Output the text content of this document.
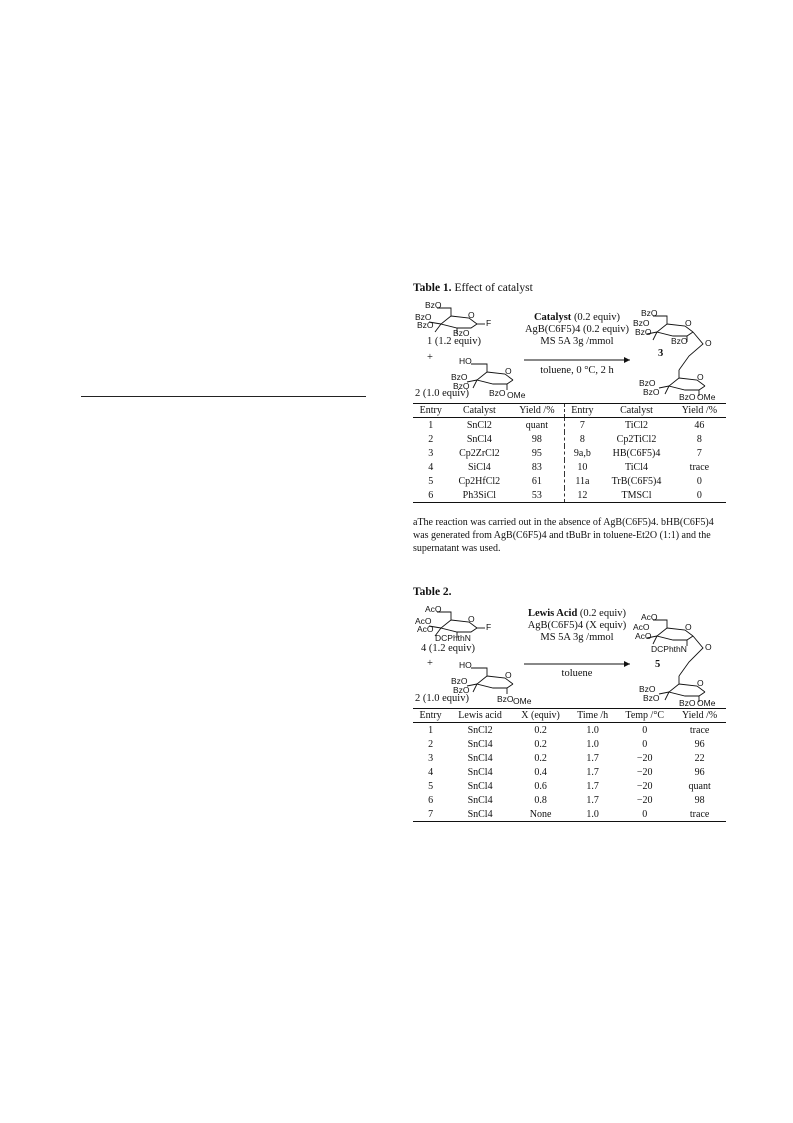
Table 1. Effect of catalyst
BzO
BzO
BzO
BzO
F
O
1 (1.2 equiv)
+	HO
BzO
BzO
BzO OMe
O
2 (1.0 equiv)
Catalyst (0.2 equiv)
AgB(C6F5)4 (0.2 equiv)
MS 5A 3g /mmol
toluene, 0 °C, 2 h
BzO
BzO
BzO
BzO
BzO
BzO BzO OMe
O
O
O
3
Entry	Catalyst	Yield /%	Entry	Catalyst	Yield /%
1	SnCl2	quant	7	TiCl2	46
2	SnCl4	98	8	Cp2TiCl2	8
3	Cp2ZrCl2	95	9a,b	HB(C6F5)4	7
4	SiCl4	83	10	TiCl4	trace
5	Cp2HfCl2	61	11a	TrB(C6F5)4	0
6	Ph3SiCl	53	12	TMSCl	0
aThe reaction was carried out in the absence of AgB(C6F5)4. bHB(C6F5)4 was generated from AgB(C6F5)4 and tBuBr in toluene-Et2O (1:1) and the supernatant was used.
Table 2.
AcO
AcO
AcO
DCPhthN
F
O
4 (1.2 equiv)
+	HO
BzO
BzO
BzO OMe
O
2 (1.0 equiv)
Lewis Acid (0.2 equiv)
AgB(C6F5)4 (X equiv)
MS 5A 3g /mmol
toluene
AcO
AcO
AcO
DCPhthN
BzO
BzO BzO OMe
O
O
O
5
Entry	Lewis acid	X (equiv)	Time /h	Temp /°C	Yield /%
1	SnCl2	0.2	1.0	0	trace
2	SnCl4	0.2	1.0	0	96
3	SnCl4	0.2	1.7	−20	22
4	SnCl4	0.4	1.7	−20	96
5	SnCl4	0.6	1.7	−20	quant
6	SnCl4	0.8	1.7	−20	98
7	SnCl4	None	1.0	0	trace
